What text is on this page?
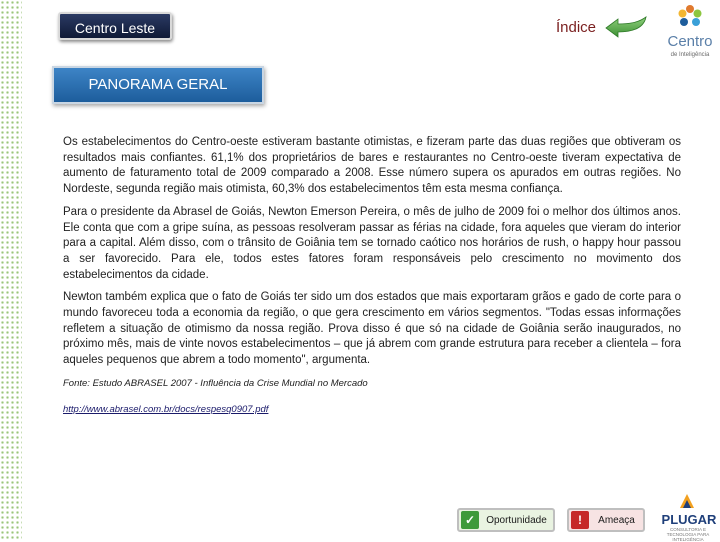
Centro Leste	Índice
Centro
de Inteligência
PANORAMA GERAL

Os estabelecimentos do Centro-oeste estiveram bastante otimistas, e fizeram parte das duas regiões que obtiveram os resultados mais confiantes. 61,1% dos proprietários de bares e restaurantes no Centro-oeste tiveram expectativa de aumento de faturamento total de 2009 comparado a 2008. Esse número supera os apurados em outras regiões. No Nordeste, segunda região mais otimista, 60,3% dos estabelecimentos têm esta mesma confiança.

Para o presidente da Abrasel de Goiás, Newton Emerson Pereira, o mês de julho de 2009 foi o melhor dos últimos anos. Ele conta que com a gripe suína, as pessoas resolveram passar as férias na cidade, fora aqueles que vieram do interior para a capital. Além disso, com o trânsito de Goiânia tem se tornado caótico nos horários de rush, o happy hour passou a ser favorecido. Para ele, todos estes fatores foram responsáveis pelo crescimento no movimento dos estabelecimentos da cidade.

Newton também explica que o fato de Goiás ter sido um dos estados que mais exportaram grãos e gado de corte para o mundo favoreceu toda a economia da região, o que gera crescimento em vários segmentos. "Todas essas informações refletem a situação de otimismo da nossa região. Prova disso é que só na cidade de Goiânia serão inaugurados, no próximo mês, mais de vinte novos estabelecimentos – que já abrem com grande estrutura para receber a clientela – fora aqueles pequenos que abrem a todo momento", argumenta.

Fonte: Estudo ABRASEL 2007 - Influência da Crise Mundial no Mercado
http://www.abrasel.com.br/docs/respesq0907.pdf
✓	Oportunidade	!	Ameaça	PLUGAR
CONSULTORIA E TECNOLOGIA PARA INTELIGÊNCIA
